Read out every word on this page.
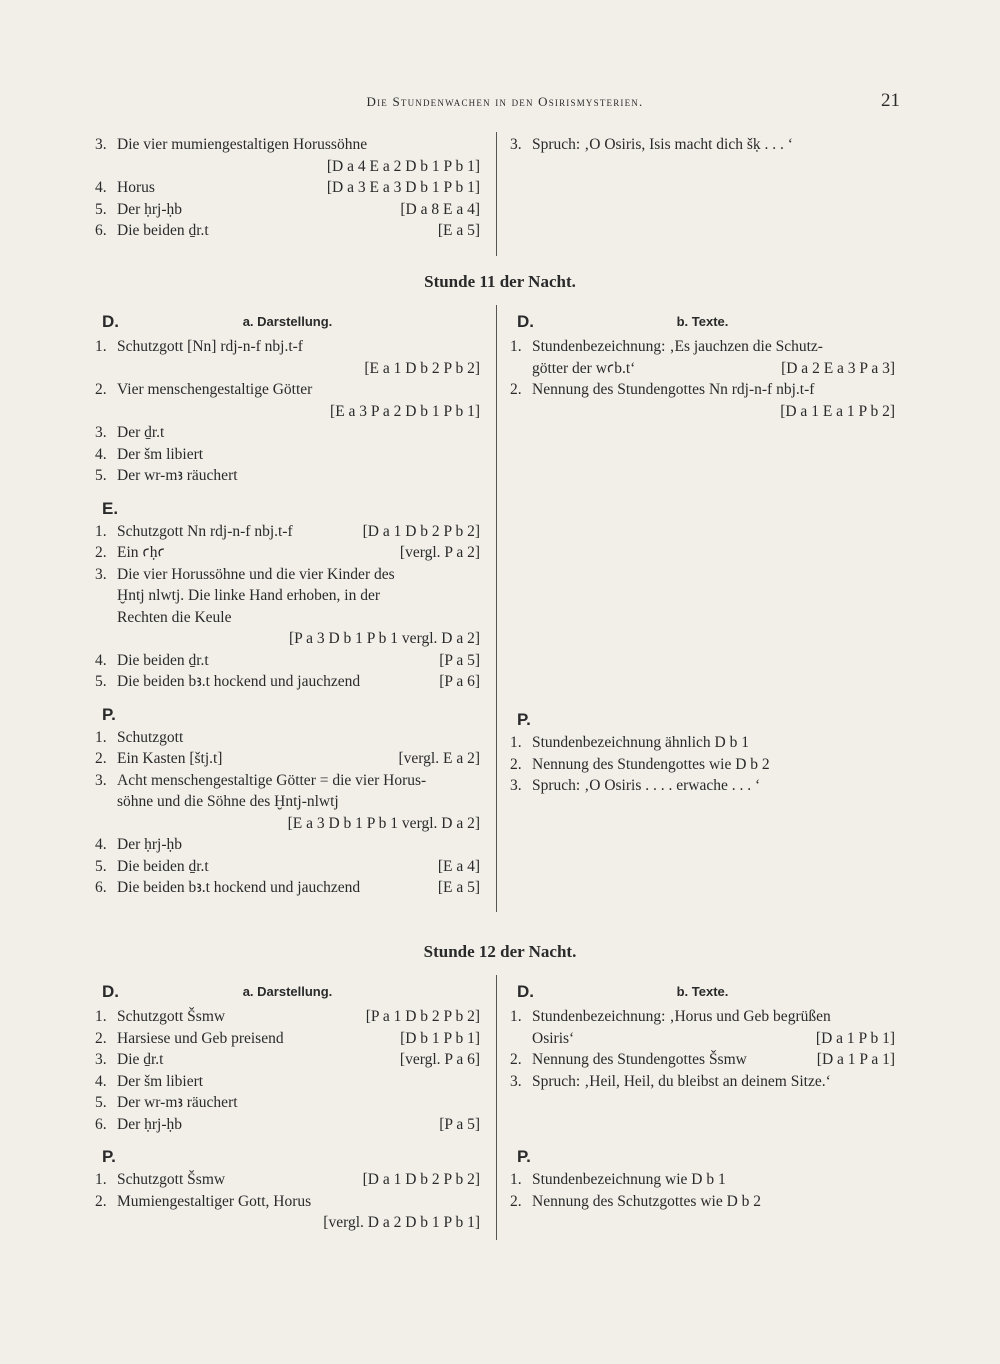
Die Stundenwachen in den Osirismysterien.	21
3. Die vier mumiengestaltigen Horussöhne
[D a 4 E a 2 D b 1 P b 1]
4. Horus	[D a 3 E a 3 D b 1 P b 1]
5. Der ḥrj-ḥb	[D a 8 E a 4]
6. Die beiden ḏr.t	[E a 5]
3. Spruch: ‚O Osiris, Isis macht dich šḳ . . . ‘
Stunde 11 der Nacht.
D.	a. Darstellung.
1. Schutzgott [Nn] rdj-n-f nbj.t-f
[E a 1 D b 2 P b 2]
2. Vier menschengestaltige Götter
[E a 3 P a 2 D b 1 P b 1]
3. Der ḏr.t
4. Der šm libiert
5. Der wr-mꜣ räuchert
E.
1. Schutzgott Nn rdj-n-f nbj.t-f	[D a 1 D b 2 P b 2]
2. Ein ꜥḥꜥ	[vergl. P a 2]
3. Die vier Horussöhne und die vier Kinder des
Ḫntj nlwtj. Die linke Hand erhoben, in der
Rechten die Keule
[P a 3 D b 1 P b 1 vergl. D a 2]
4. Die beiden ḏr.t	[P a 5]
5. Die beiden bꜣ.t hockend und jauchzend	[P a 6]
P.
1. Schutzgott
2. Ein Kasten [štj.t]	[vergl. E a 2]
3. Acht menschengestaltige Götter = die vier Horus-
söhne und die Söhne des Ḫntj-nlwtj
[E a 3 D b 1 P b 1 vergl. D a 2]
4. Der ḥrj-ḥb
5. Die beiden ḏr.t	[E a 4]
6. Die beiden bꜣ.t hockend und jauchzend	[E a 5]
D.	b. Texte.
1. Stundenbezeichnung: ‚Es jauchzen die Schutz-
götter der wꜥb.t‘	[D a 2 E a 3 P a 3]
2. Nennung des Stundengottes Nn rdj-n-f nbj.t-f
[D a 1 E a 1 P b 2]
P.
1. Stundenbezeichnung ähnlich D b 1
2. Nennung des Stundengottes wie D b 2
3. Spruch: ‚O Osiris . . . . erwache . . . ‘
Stunde 12 der Nacht.
D.	a. Darstellung.
1. Schutzgott Šsmw	[P a 1 D b 2 P b 2]
2. Harsiese und Geb preisend	[D b 1 P b 1]
3. Die ḏr.t	[vergl. P a 6]
4. Der šm libiert
5. Der wr-mꜣ räuchert
6. Der ḥrj-ḥb	[P a 5]
P.
1. Schutzgott Šsmw	[D a 1 D b 2 P b 2]
2. Mumiengestaltiger Gott, Horus
[vergl. D a 2 D b 1 P b 1]
D.	b. Texte.
1. Stundenbezeichnung: ‚Horus und Geb begrüßen
Osiris‘	[D a 1 P b 1]
2. Nennung des Stundengottes Šsmw	[D a 1 P a 1]
3. Spruch: ‚Heil, Heil, du bleibst an deinem Sitze.‘
P.
1. Stundenbezeichnung wie D b 1
2. Nennung des Schutzgottes wie D b 2
